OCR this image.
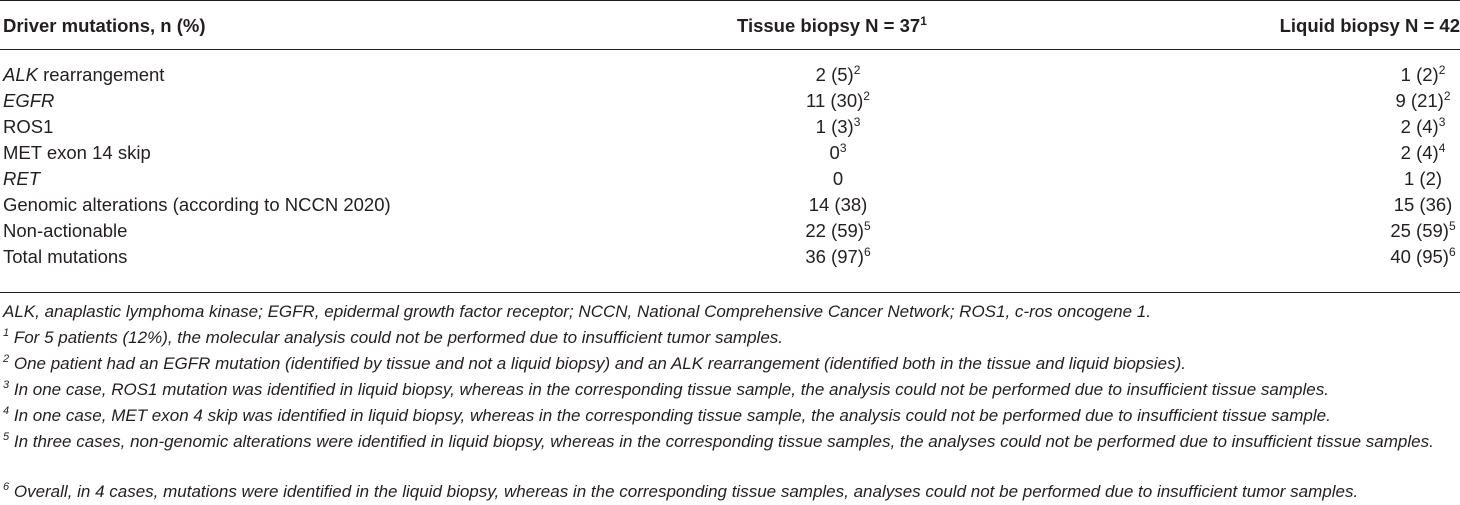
Driver mutations, n (%)	Tissue biopsy $N = 37^1$	Liquid biopsy N = 42
ALK rearrangement	2 $(5)^2$	1 $(2)^2$
EGFR	11 $(30)^2$	9 $(21)^2$
ROS1	1 $(3)^3$	2 $(4)^3$
MET exon 14 skip	$0^3$	2 $(4)^4$
RET	0	1 (2)
Genomic alterations (according to NCCN 2020)	14 (38)	15 (36)
Non-actionable	22 $(59)^5$	25 $(59)^5$
Total mutations	36 $(97)^6$	40 $(95)^6$
ALK, anaplastic lymphoma kinase; EGFR, epidermal growth factor receptor; NCCN, National Comprehensive Cancer Network; ROS1, c-ros oncogene 1.
$^1$ For 5 patients (12%), the molecular analysis could not be performed due to insufficient tumor samples.
$^2$ One patient had an EGFR mutation (identified by tissue and not a liquid biopsy) and an ALK rearrangement (identified both in the tissue and liquid biopsies).
$^3$ In one case, ROS1 mutation was identified in liquid biopsy, whereas in the corresponding tissue sample, the analysis could not be performed due to insufficient tissue samples.
$^4$ In one case, MET exon 4 skip was identified in liquid biopsy, whereas in the corresponding tissue sample, the analysis could not be performed due to insufficient tissue sample.
$^5$ In three cases, non-genomic alterations were identified in liquid biopsy, whereas in the corresponding tissue samples, the analyses could not be performed due to insufficient tissue samples.
$^6$ Overall, in 4 cases, mutations were identified in the liquid biopsy, whereas in the corresponding tissue samples, analyses could not be performed due to insufficient tumor samples.
